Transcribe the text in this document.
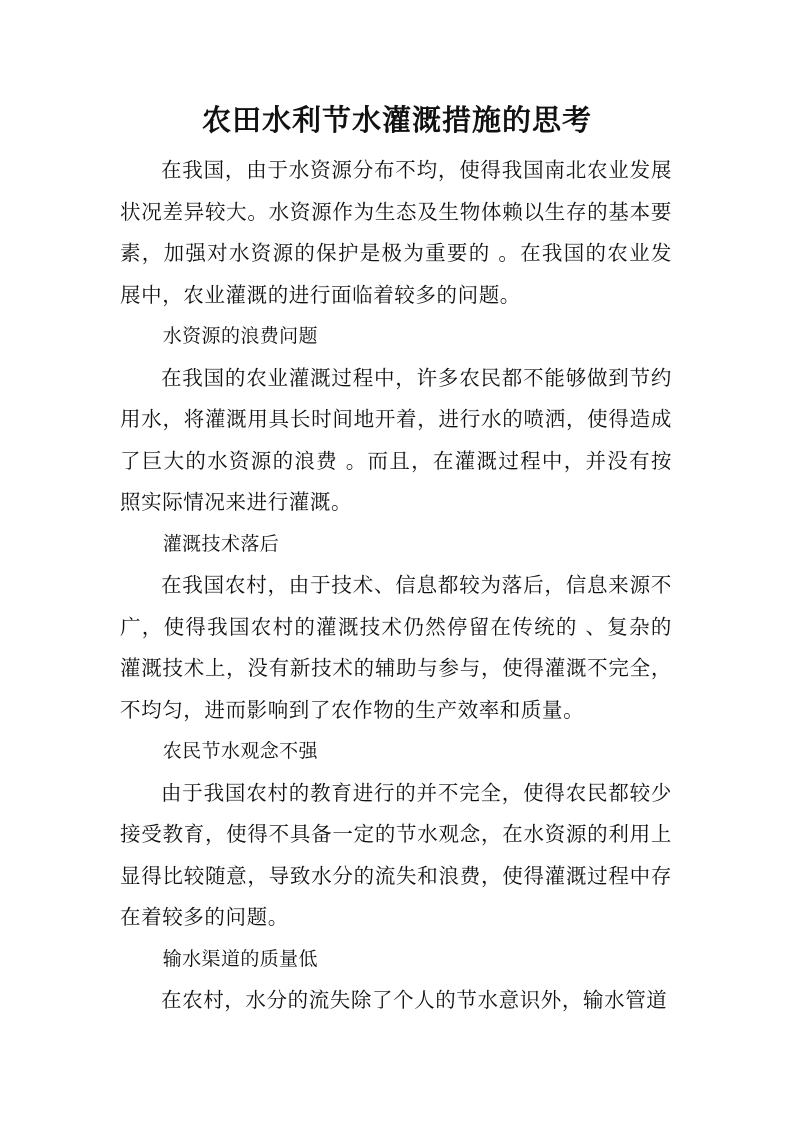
农田水利节水灌溉措施的思考

在我国，由于水资源分布不均，使得我国南北农业发展状况差异较大。水资源作为生态及生物体赖以生存的基本要素，加强对水资源的保护是极为重要的 。在我国的农业发展中，农业灌溉的进行面临着较多的问题。

水资源的浪费问题

在我国的农业灌溉过程中，许多农民都不能够做到节约用水，将灌溉用具长时间地开着，进行水的喷洒，使得造成了巨大的水资源的浪费 。而且，在灌溉过程中，并没有按照实际情况来进行灌溉。

灌溉技术落后

在我国农村，由于技术、信息都较为落后，信息来源不广，使得我国农村的灌溉技术仍然停留在传统的 、复杂的灌溉技术上，没有新技术的辅助与参与，使得灌溉不完全，不均匀，进而影响到了农作物的生产效率和质量。

农民节水观念不强

由于我国农村的教育进行的并不完全，使得农民都较少接受教育，使得不具备一定的节水观念，在水资源的利用上显得比较随意，导致水分的流失和浪费，使得灌溉过程中存在着较多的问题。

输水渠道的质量低

在农村，水分的流失除了个人的节水意识外，输水管道
